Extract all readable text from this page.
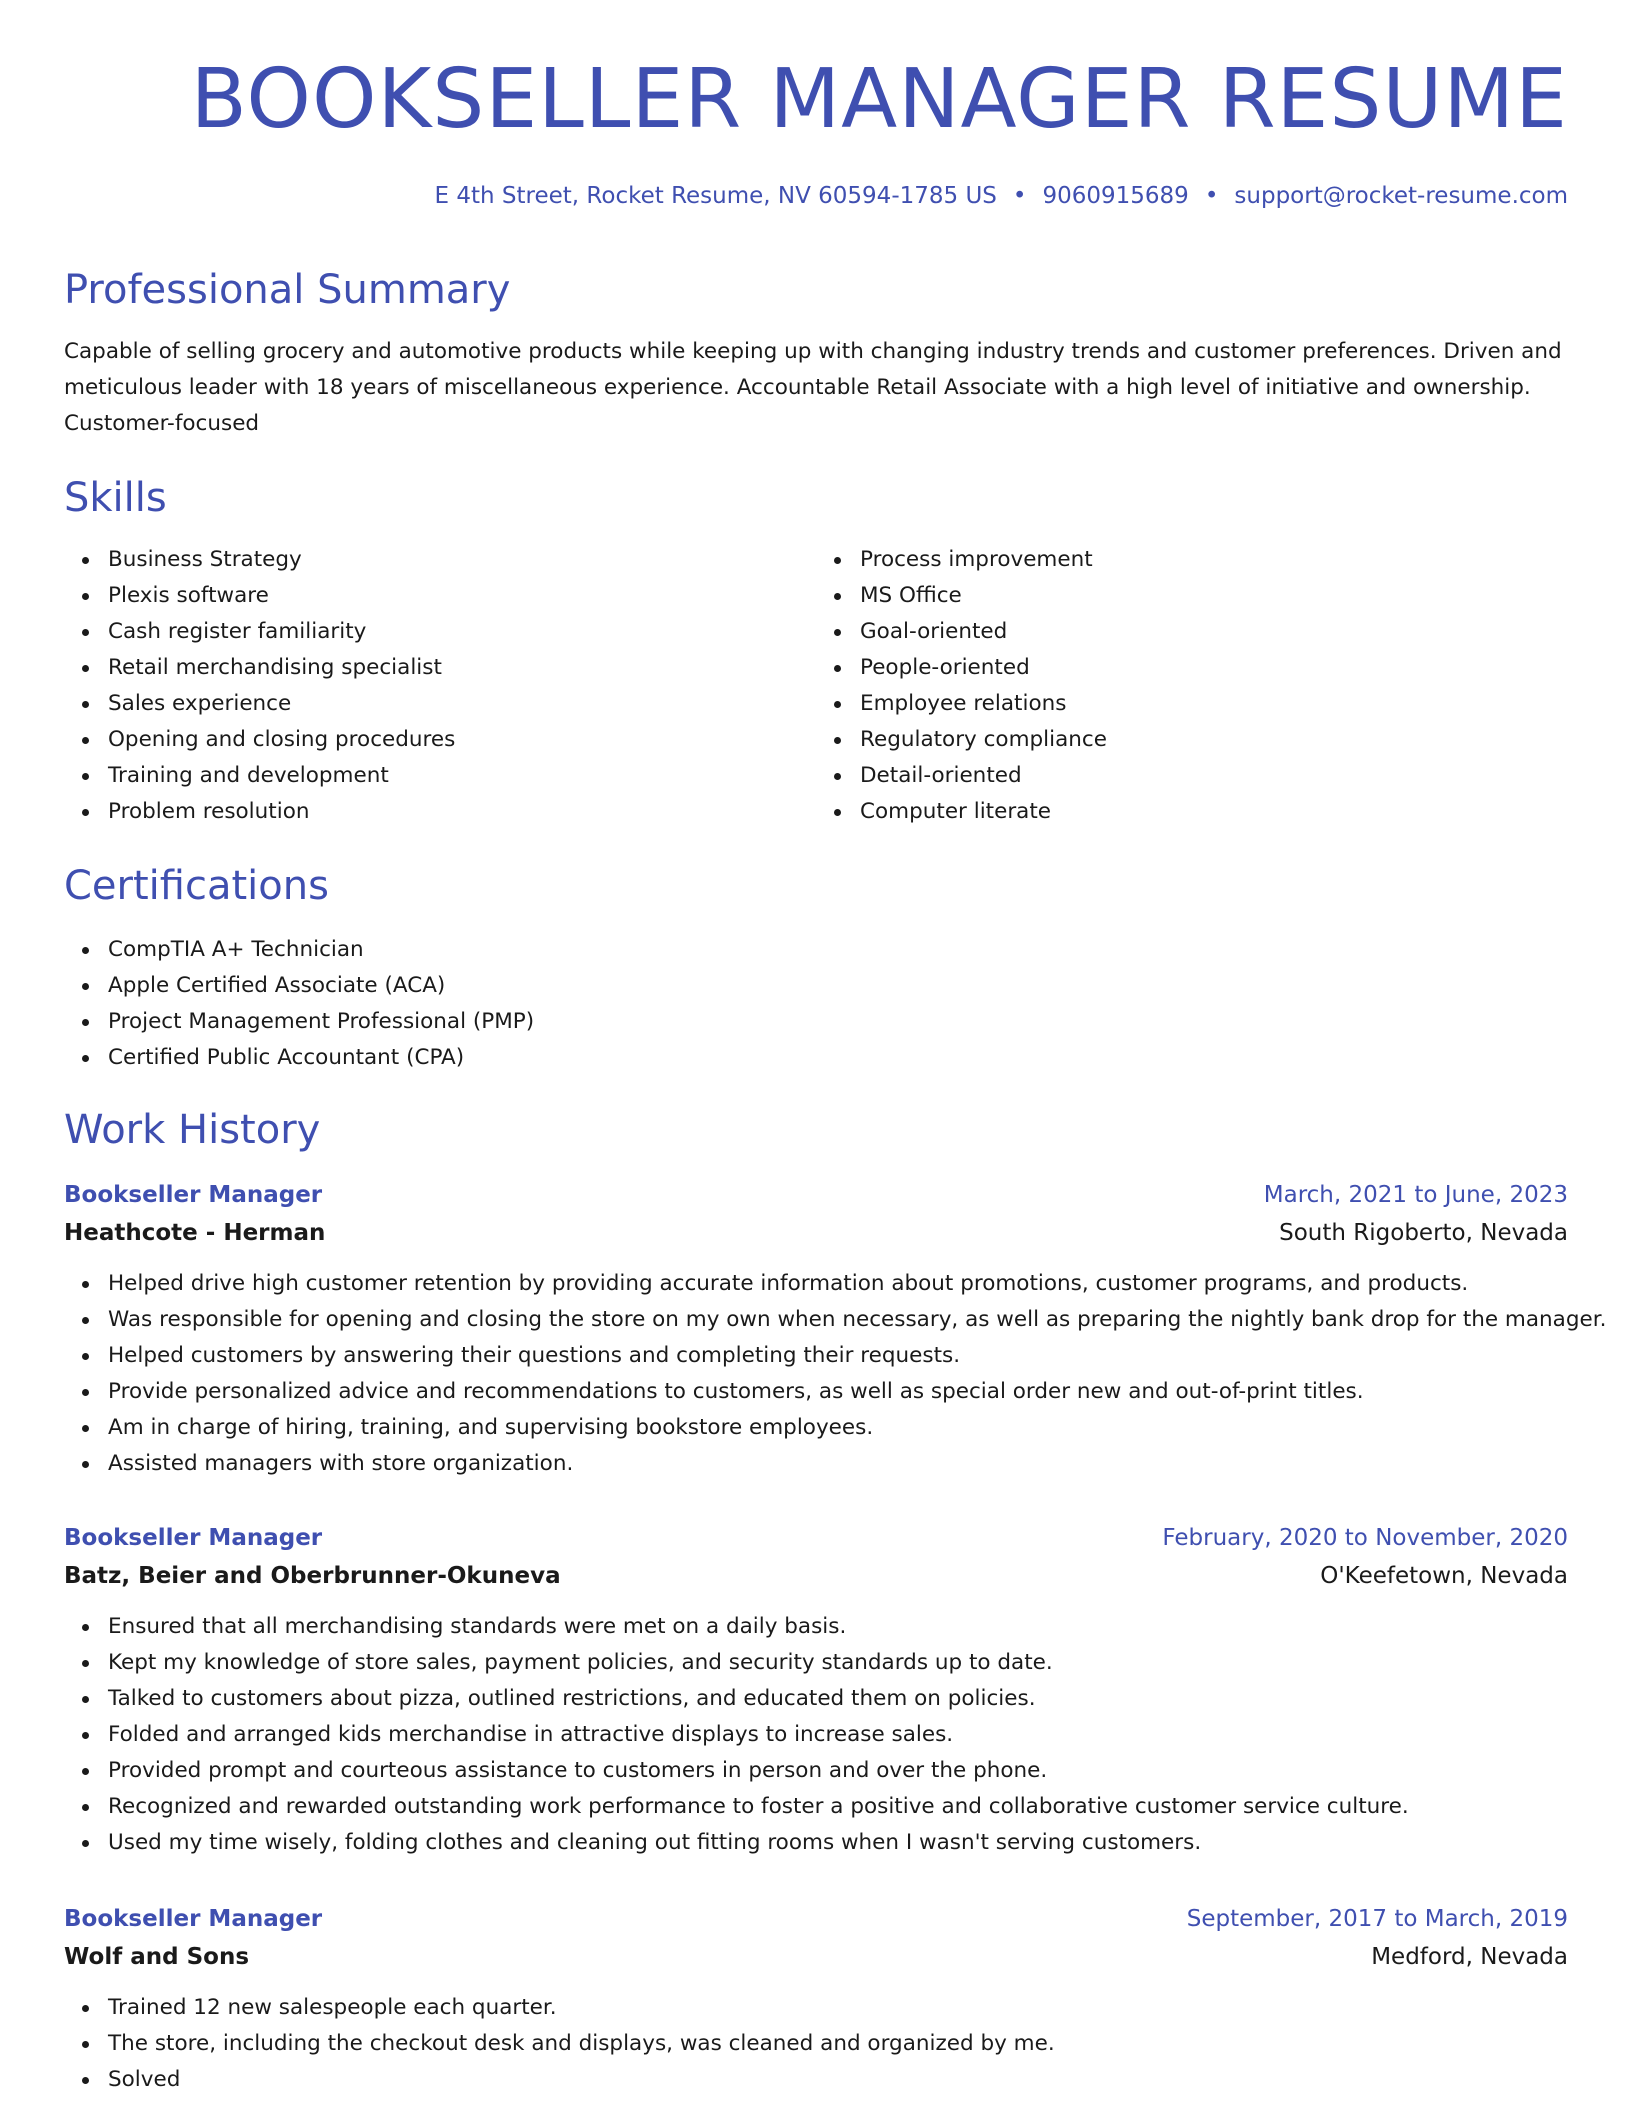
BOOKSELLER MANAGER RESUME
E 4th Street, Rocket Resume, NV 60594-1785 US • 9060915689 • support@rocket-resume.com
Professional Summary

Capable of selling grocery and automotive products while keeping up with changing industry trends and customer preferences. Driven and meticulous leader with 18 years of miscellaneous experience. Accountable Retail Associate with a high level of initiative and ownership. Customer-focused

Skills
Business Strategy
Plexis software
Cash register familiarity
Retail merchandising specialist
Sales experience
Opening and closing procedures
Training and development
Problem resolution
Process improvement
MS Office
Goal-oriented
People-oriented
Employee relations
Regulatory compliance
Detail-oriented
Computer literate
Certifications
CompTIA A+ Technician
Apple Certified Associate (ACA)
Project Management Professional (PMP)
Certified Public Accountant (CPA)
Work History
Bookseller Manager	March, 2021 to June, 2023
Heathcote - Herman	South Rigoberto, Nevada
Helped drive high customer retention by providing accurate information about promotions, customer programs, and products.
Was responsible for opening and closing the store on my own when necessary, as well as preparing the nightly bank drop for the manager.
Helped customers by answering their questions and completing their requests.
Provide personalized advice and recommendations to customers, as well as special order new and out-of-print titles.
Am in charge of hiring, training, and supervising bookstore employees.
Assisted managers with store organization.
Bookseller Manager	February, 2020 to November, 2020
Batz, Beier and Oberbrunner-Okuneva	O'Keefetown, Nevada
Ensured that all merchandising standards were met on a daily basis.
Kept my knowledge of store sales, payment policies, and security standards up to date.
Talked to customers about pizza, outlined restrictions, and educated them on policies.
Folded and arranged kids merchandise in attractive displays to increase sales.
Provided prompt and courteous assistance to customers in person and over the phone.
Recognized and rewarded outstanding work performance to foster a positive and collaborative customer service culture.
Used my time wisely, folding clothes and cleaning out fitting rooms when I wasn't serving customers.
Bookseller Manager	September, 2017 to March, 2019
Wolf and Sons	Medford, Nevada
Trained 12 new salespeople each quarter.
The store, including the checkout desk and displays, was cleaned and organized by me.
Solved
